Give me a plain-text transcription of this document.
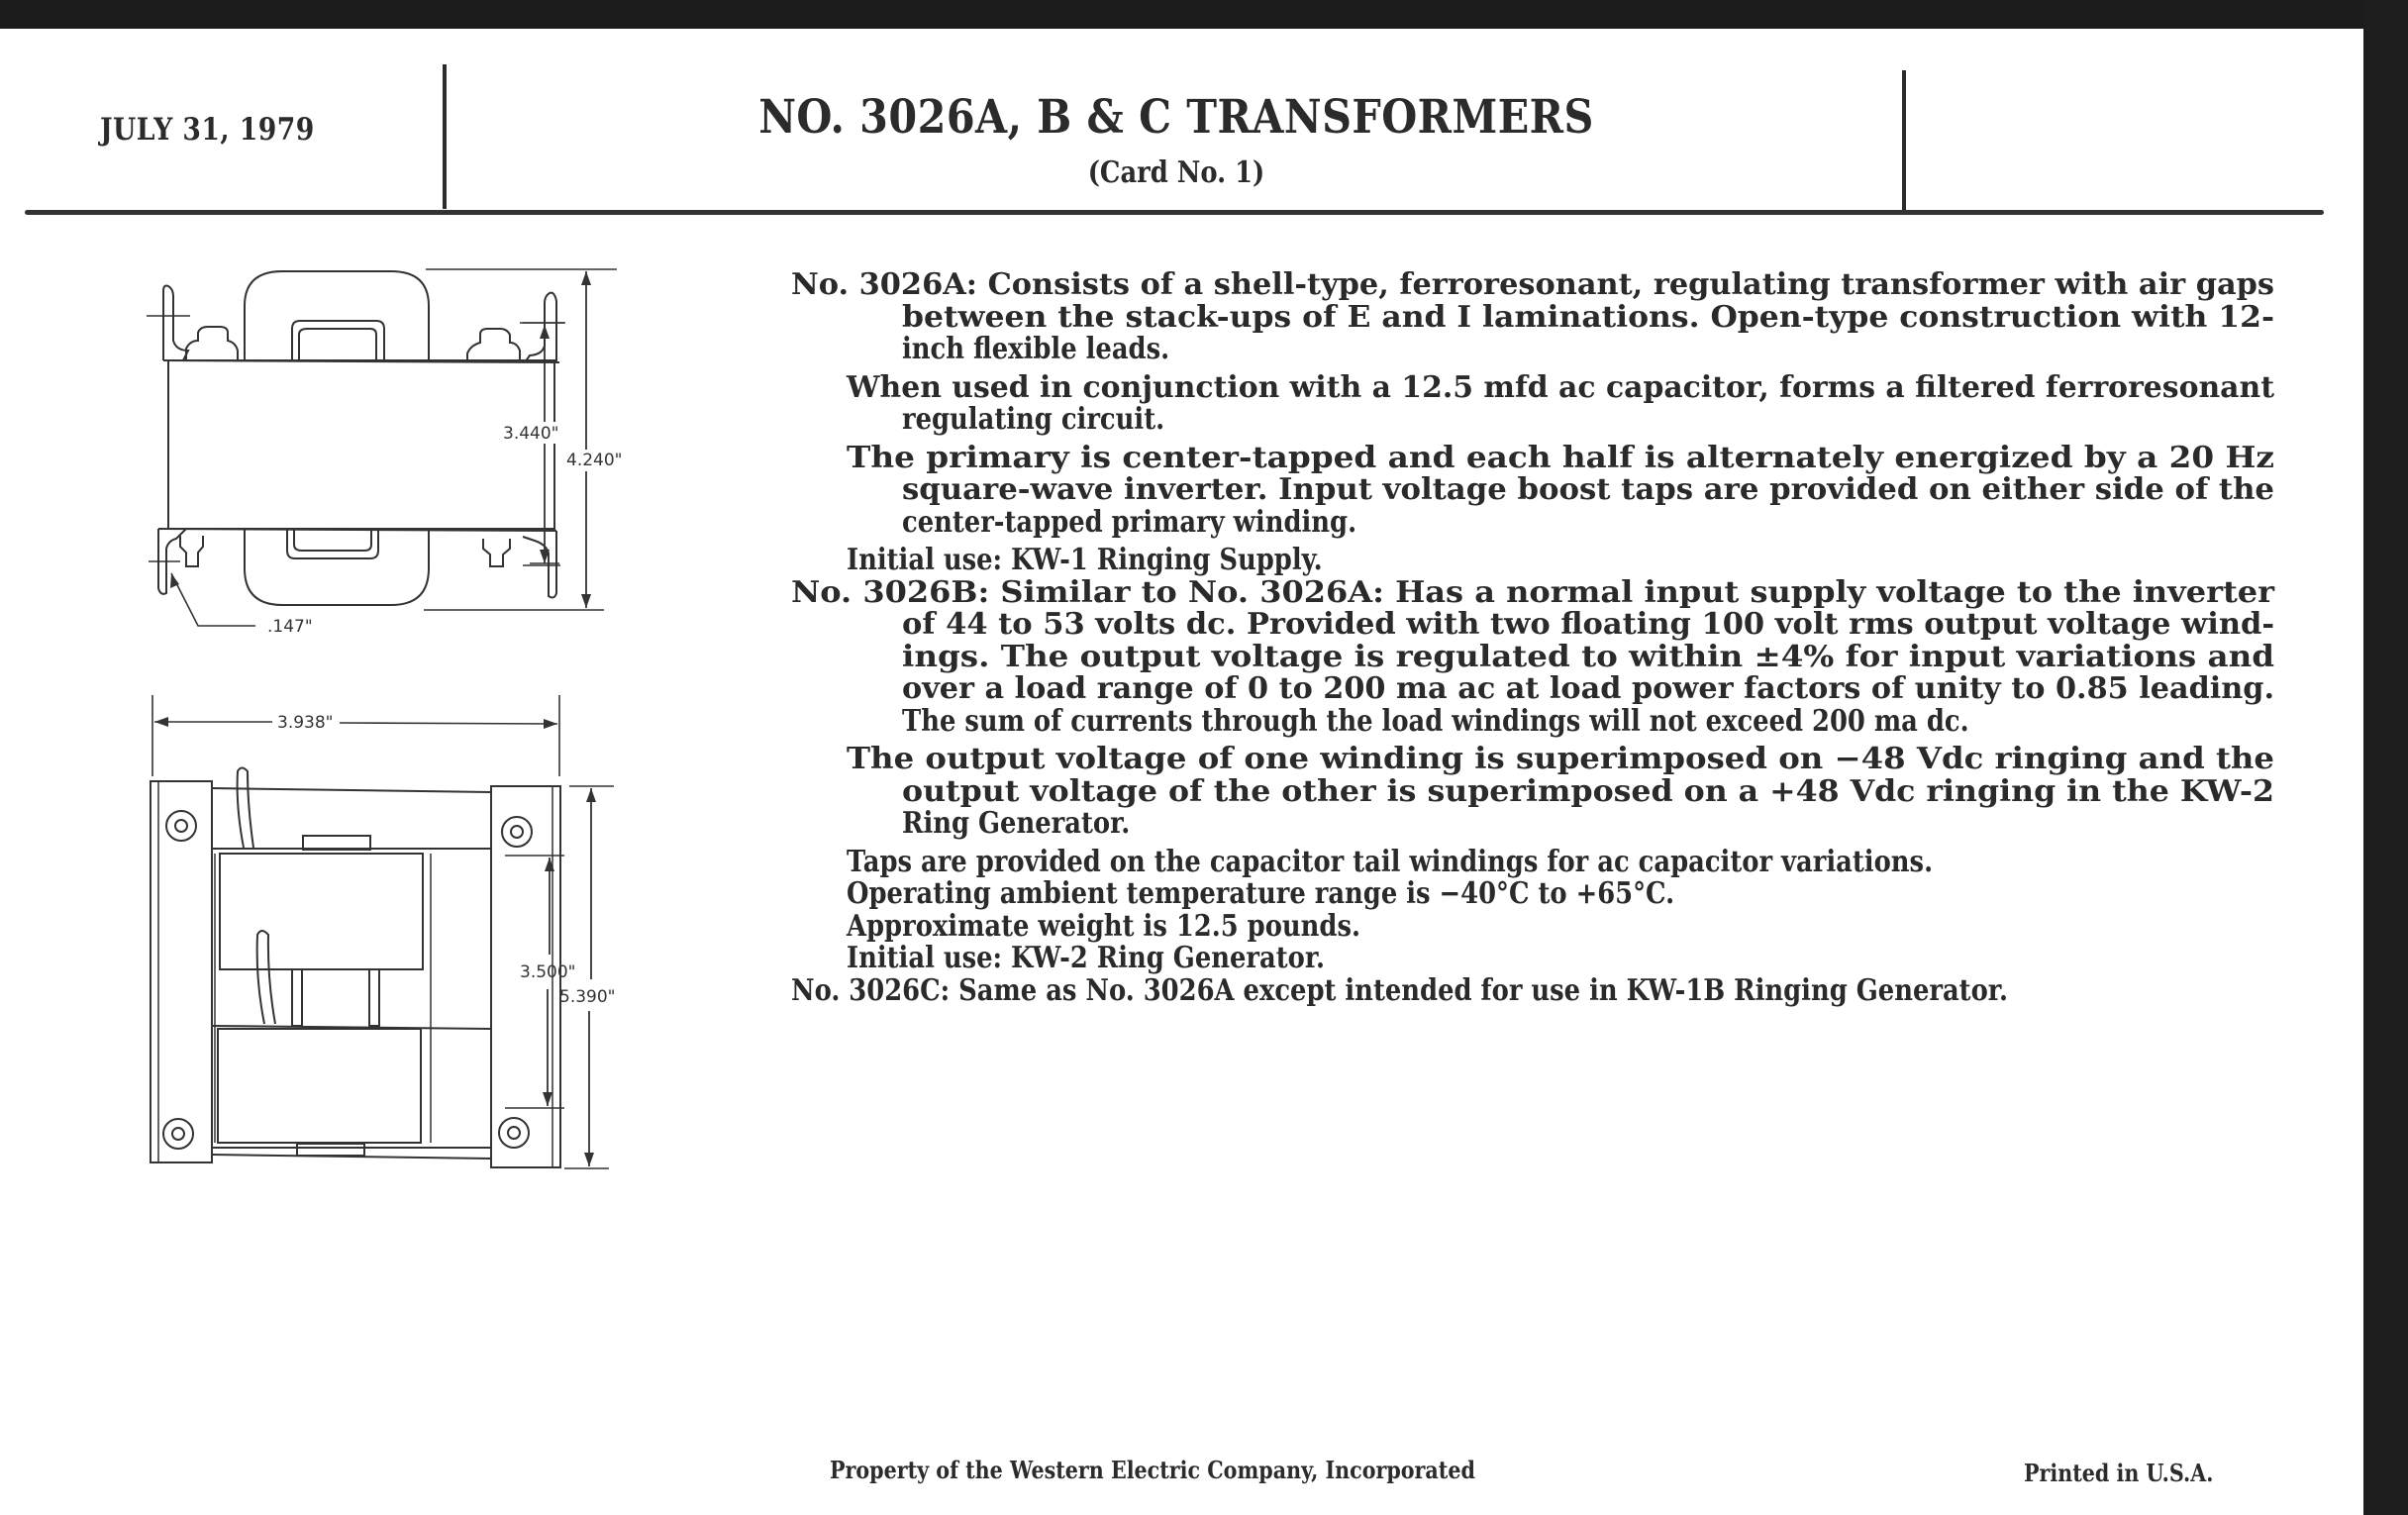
JULY 31, 1979	NO. 3026A, B & C TRANSFORMERS
(Card No. 1)
3.440"
4.240"
.147"
3.938"
3.500"
5.390"
No. 3026A: Consists of a shell-type, ferroresonant, regulating transformer with air gaps
between the stack-ups of E and I laminations. Open-type construction with 12-
inch flexible leads.
When used in conjunction with a 12.5 mfd ac capacitor, forms a filtered ferroresonant
regulating circuit.
The primary is center-tapped and each half is alternately energized by a 20 Hz
square-wave inverter. Input voltage boost taps are provided on either side of the
center-tapped primary winding.
Initial use: KW-1 Ringing Supply.
No. 3026B: Similar to No. 3026A: Has a normal input supply voltage to the inverter
of 44 to 53 volts dc. Provided with two floating 100 volt rms output voltage wind-
ings. The output voltage is regulated to within ±4% for input variations and
over a load range of 0 to 200 ma ac at load power factors of unity to 0.85 leading.
The sum of currents through the load windings will not exceed 200 ma dc.
The output voltage of one winding is superimposed on −48 Vdc ringing and the
output voltage of the other is superimposed on a +48 Vdc ringing in the KW-2
Ring Generator.
Taps are provided on the capacitor tail windings for ac capacitor variations.
Operating ambient temperature range is −40°C to +65°C.
Approximate weight is 12.5 pounds.
Initial use: KW-2 Ring Generator.
No. 3026C: Same as No. 3026A except intended for use in KW-1B Ringing Generator.
Property of the Western Electric Company, Incorporated	Printed in U.S.A.
